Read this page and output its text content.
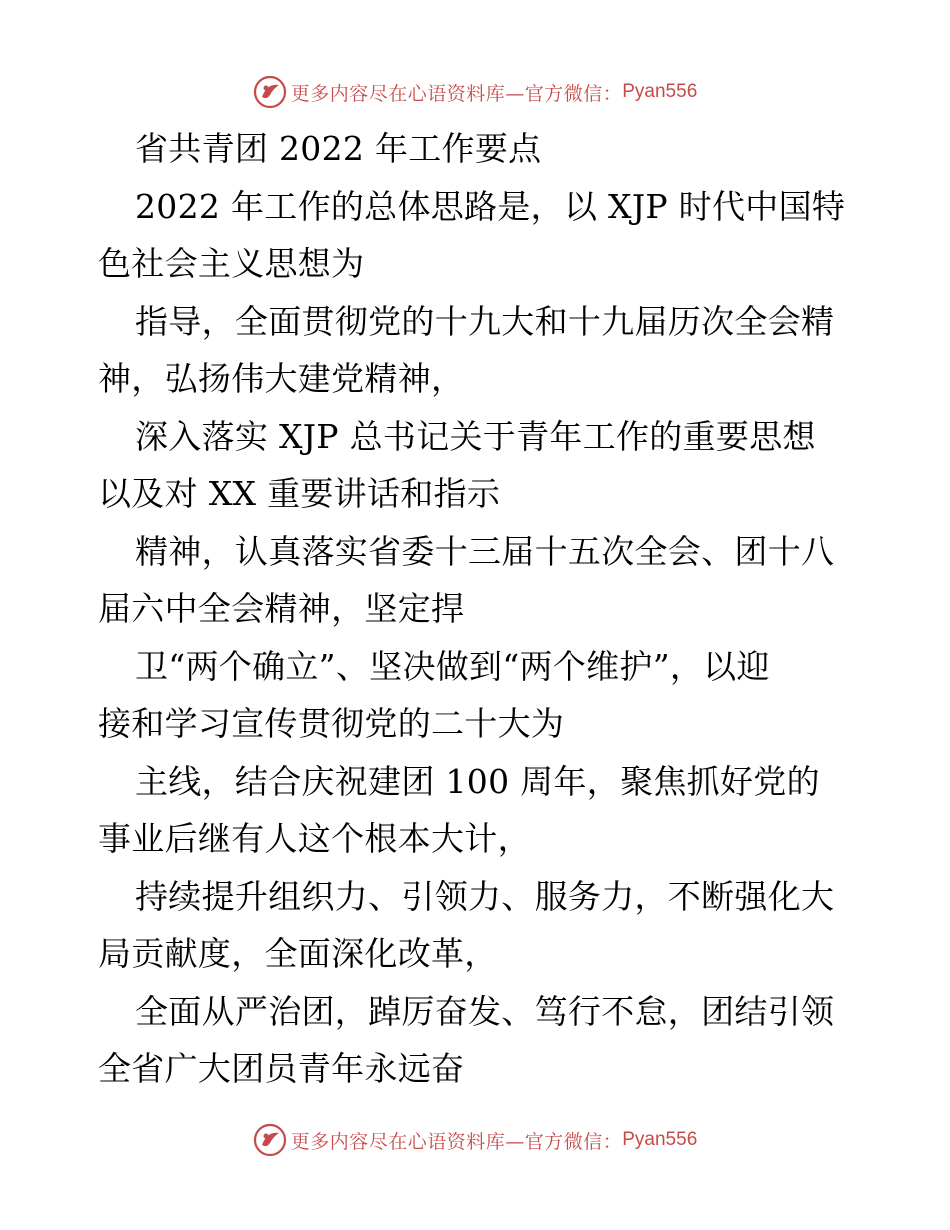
更多内容尽在心语资料库—官方微信： Pyan556
省共青团 2022 年工作要点
2022 年工作的总体思路是，以 XJP 时代中国特
色社会主义思想为
指导，全面贯彻党的十九大和十九届历次全会精
神，弘扬伟大建党精神，
深入落实 XJP 总书记关于青年工作的重要思想
以及对 XX 重要讲话和指示
精神，认真落实省委十三届十五次全会、团十八
届六中全会精神，坚定捍
卫“两个确立”、坚决做到“两个维护”，以迎
接和学习宣传贯彻党的二十大为
主线，结合庆祝建团 100 周年，聚焦抓好党的
事业后继有人这个根本大计，
持续提升组织力、引领力、服务力，不断强化大
局贡献度，全面深化改革，
全面从严治团，踔厉奋发、笃行不怠，团结引领
全省广大团员青年永远奋
更多内容尽在心语资料库—官方微信： Pyan556
